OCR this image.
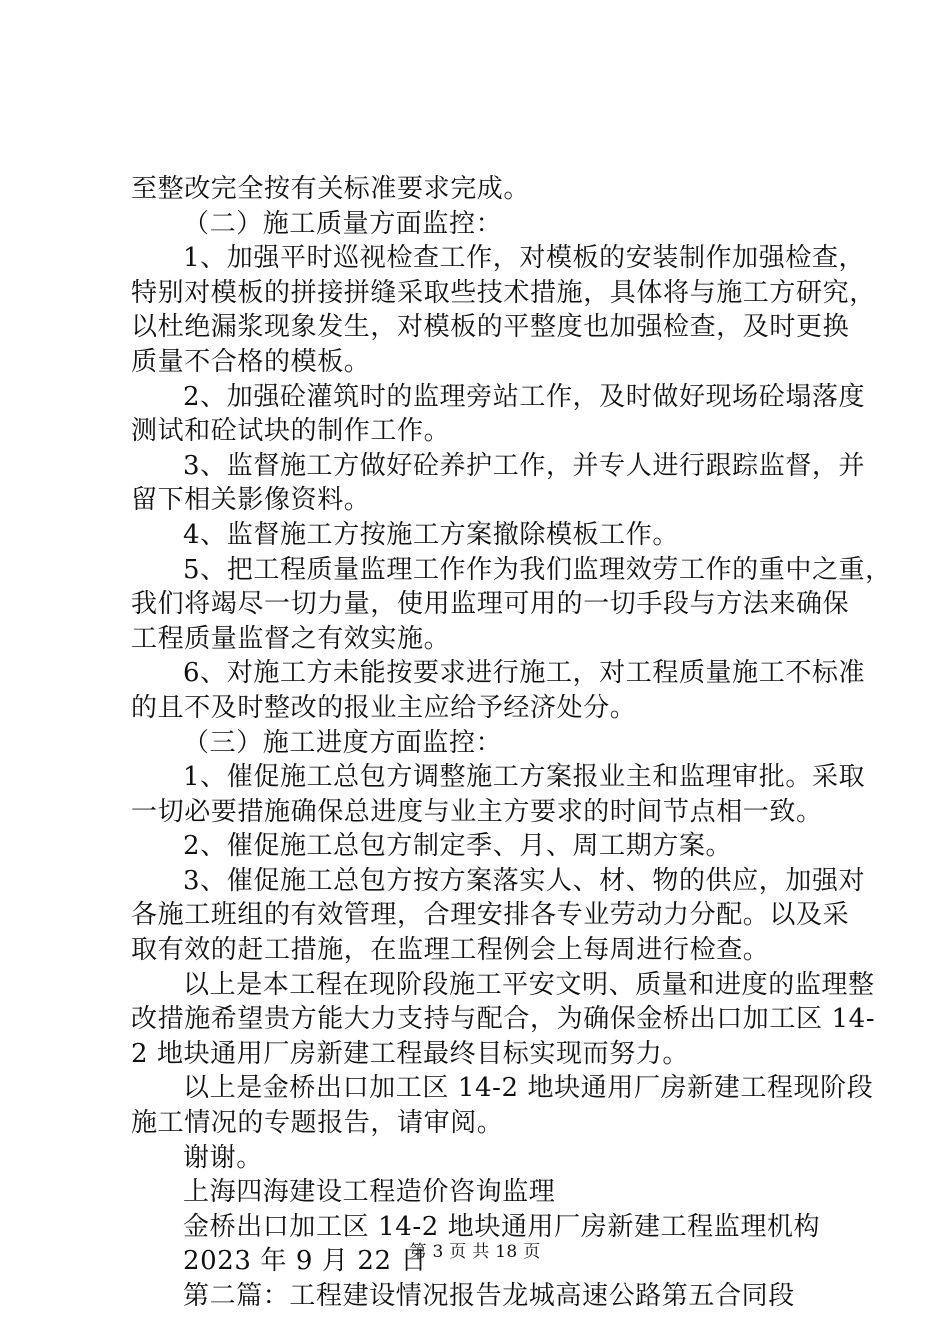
至整改完全按有关标准要求完成。
（二）施工质量方面监控：
1、加强平时巡视检查工作，对模板的安装制作加强检查，
特别对模板的拼接拼缝采取些技术措施，具体将与施工方研究，
以杜绝漏浆现象发生，对模板的平整度也加强检查，及时更换
质量不合格的模板。
2、加强砼灌筑时的监理旁站工作，及时做好现场砼塌落度
测试和砼试块的制作工作。
3、监督施工方做好砼养护工作，并专人进行跟踪监督，并
留下相关影像资料。
4、监督施工方按施工方案撤除模板工作。
5、把工程质量监理工作作为我们监理效劳工作的重中之重，
我们将竭尽一切力量，使用监理可用的一切手段与方法来确保
工程质量监督之有效实施。
6、对施工方未能按要求进行施工，对工程质量施工不标准
的且不及时整改的报业主应给予经济处分。
（三）施工进度方面监控：
1、催促施工总包方调整施工方案报业主和监理审批。采取
一切必要措施确保总进度与业主方要求的时间节点相一致。
2、催促施工总包方制定季、月、周工期方案。
3、催促施工总包方按方案落实人、材、物的供应，加强对
各施工班组的有效管理，合理安排各专业劳动力分配。以及采
取有效的赶工措施，在监理工程例会上每周进行检查。
以上是本工程在现阶段施工平安文明、质量和进度的监理整
改措施希望贵方能大力支持与配合，为确保金桥出口加工区 14-
2 地块通用厂房新建工程最终目标实现而努力。
以上是金桥出口加工区 14-2 地块通用厂房新建工程现阶段
施工情况的专题报告，请审阅。
谢谢。
上海四海建设工程造价咨询监理
金桥出口加工区 14-2 地块通用厂房新建工程监理机构
2023 年 9 月 22 日
第二篇：工程建设情况报告龙城高速公路第五合同段
第 3 页 共 18 页
